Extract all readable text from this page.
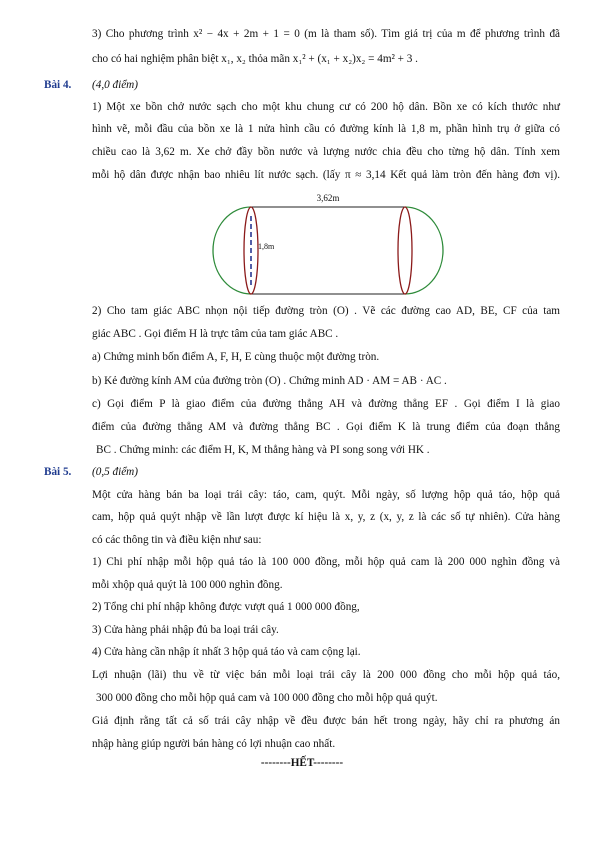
3) Cho phương trình x² − 4x + 2m + 1 = 0 (m là tham số). Tìm giá trị của m để phương trình đã
cho có hai nghiệm phân biệt x₁, x₂ thỏa mãn x₁² + (x₁ + x₂)x₂ = 4m² + 3 .
Bài 4. (4,0 điểm)
1) Một xe bồn chở nước sạch cho một khu chung cư có 200 hộ dân. Bồn xe có kích thước như
hình vẽ, mỗi đầu của bồn xe là 1 nửa hình cầu có đường kính là 1,8 m, phần hình trụ ở giữa có
chiều cao là 3,62 m. Xe chở đầy bồn nước và lượng nước chia đều cho từng hộ dân. Tính xem
mỗi hộ dân được nhận bao nhiêu lít nước sạch. (lấy π ≈ 3,14 Kết quả làm tròn đến hàng đơn vị).
3,62m
1,8m
2) Cho tam giác ABC nhọn nội tiếp đường tròn (O) . Vẽ các đường cao AD, BE, CF của tam
giác ABC . Gọi điểm H là trực tâm của tam giác ABC .
a) Chứng minh bốn điểm A, F, H, E cùng thuộc một đường tròn.
b) Kẻ đường kính AM của đường tròn (O) . Chứng minh AD · AM = AB · AC .
c) Gọi điểm P là giao điểm của đường thẳng AH và đường thẳng EF . Gọi điểm I là giao
điểm của đường thẳng AM và đường thẳng BC . Gọi điểm K là trung điểm của đoạn thẳng
BC . Chứng minh: các điểm H, K, M thẳng hàng và PI song song với HK .
Bài 5. (0,5 điểm)
Một cửa hàng bán ba loại trái cây: táo, cam, quýt. Mỗi ngày, số lượng hộp quả táo, hộp quả
cam, hộp quả quýt nhập về lần lượt được kí hiệu là x, y, z (x, y, z là các số tự nhiên). Cửa hàng
có các thông tin và điều kiện như sau:
1) Chi phí nhập mỗi hộp quả táo là 100 000 đồng, mỗi hộp quả cam là 200 000 nghìn đồng và
mỗi xhộp quả quýt là 100 000 nghìn đồng.
2) Tổng chi phí nhập không được vượt quá 1 000 000 đồng,
3) Cửa hàng phải nhập đủ ba loại trái cây.
4) Cửa hàng cần nhập ít nhất 3 hộp quả táo và cam cộng lại.
Lợi nhuận (lãi) thu về từ việc bán mỗi loại trái cây là 200 000 đồng cho mỗi hộp quả táo,
300 000 đồng cho mỗi hộp quả cam và 100 000 đồng cho mỗi hộp quả quýt.
Giả định rằng tất cả số trái cây nhập về đều được bán hết trong ngày, hãy chỉ ra phương án
nhập hàng giúp người bán hàng có lợi nhuận cao nhất.
--------HẾT--------
